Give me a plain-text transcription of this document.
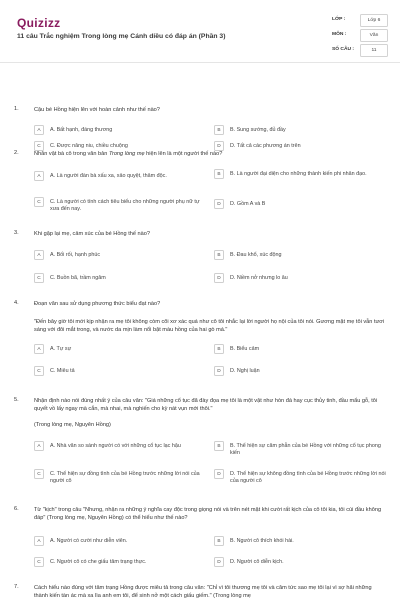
Quizizz
11 câu Trắc nghiệm Trong lòng mẹ Cánh diều có đáp án (Phần 3)
LỚP :	Lớp 6
MÔN :	Văn
SỐ CÂU :	11
1.	Cậu bé Hồng hiện lên với hoàn cảnh như thế nào?
A	A. Bất hạnh, đáng thương	B	B. Sung sướng, đủ đầy
C	C. Được nâng niu, chiều chuộng	D	D. Tất cả các phương án trên
2.	Nhân vật bà cô trong văn bản Trong lòng mẹ hiện lên là một người thế nào?
A	A. Là người đàn bà xấu xa, xảo quyệt, thâm độc.	B	B. Là người đại diện cho những thành kiến phi nhân đạo.
C	C. Là người có tính cách tiêu biểu cho những người phụ nữ tự xưa đến nay.
D	D. Gồm A và B
3.	Khi gặp lại mẹ, cảm xúc của bé Hồng thế nào?
A	A. Bối rối, hạnh phúc	B	B. Đau khổ, xúc động
C	C. Buồn bã, trầm ngâm	D	D. Niềm nở nhưng lo âu
4.	Đoạn văn sau sử dụng phương thức biểu đạt nào?
"Đến bây giờ tôi mới kịp nhận ra mẹ tôi không còm cõi xơ xác quá như cô tôi nhắc lại lời người họ nội của tôi nói. Gương mặt mẹ tôi vẫn tươi sáng với đôi mắt trong, và nước da mịn làm nổi bật màu hồng của hai gò má."
A	A. Tự sự	B	B. Biểu cảm
C	C. Miêu tả	D	D. Nghị luận
5.	Nhận định nào nói đúng nhất ý của câu văn: "Giá những cổ tục đã đày đọa mẹ tôi là một vật như hòn đá hay cục thủy tinh, đầu mẩu gỗ, tôi quyết vồ lấy ngay mà cắn, mà nhai, mà nghiến cho kỳ nát vụn mới thôi."
(Trong lòng mẹ, Nguyên Hồng)
A	A. Nhà văn so sánh người có với những cổ tục lạc hậu	B	B. Thể hiện sự căm phẫn của bé Hồng với những cổ tục phong kiến
C	C. Thể hiện sự đồng tình của bé Hồng trước những lời nói của người cô
D	D. Thể hiện sự không đồng tình của bé Hồng trước những lời nói của người cô
6.	Từ "kịch" trong câu "Nhưng, nhận ra những ý nghĩa cay độc trong giọng nói và trên nét mặt khi cười rất kịch của cô tôi kia, tôi cúi đầu không đáp" (Trong lòng mẹ, Nguyên Hồng) có thể hiểu như thế nào?
A	A. Người có cười như diễn viên.	B	B. Người cô thích khói hài.
C	C. Người cô có che giấu tâm trạng thực.	D	D. Người cô diễn kịch.
7.	Cách hiểu nào đúng với tâm trạng Hồng được miêu tả trong câu văn: "Chỉ vì tôi thương mẹ tôi và căm tức sao mẹ tôi lại vì sợ hãi những thành kiến tàn ác mà xa lìa anh em tôi, để sinh nở một cách giấu giếm." (Trong lòng mẹ
